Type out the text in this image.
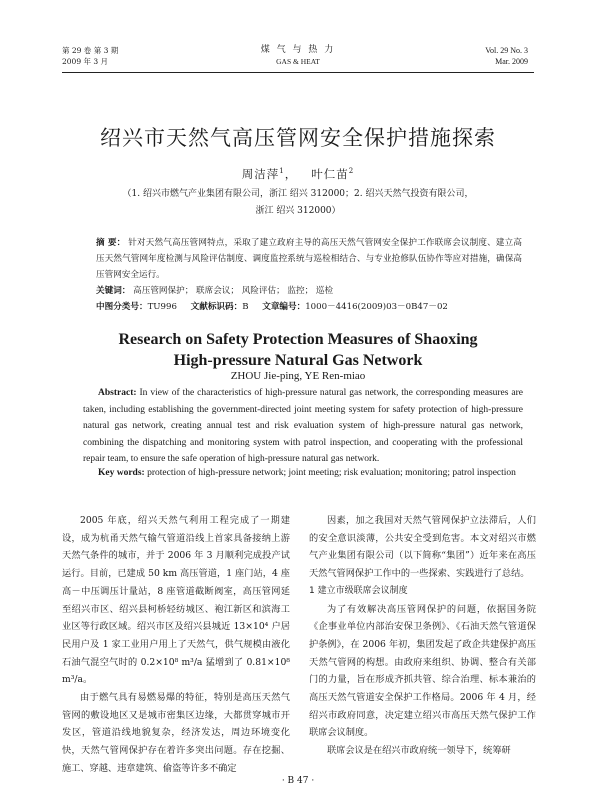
第 29 卷 第 3 期
2009 年 3 月
煤 气 与 热 力
GAS & HEAT
Vol. 29 No. 3
Mar. 2009
绍兴市天然气高压管网安全保护措施探索
周洁萍$^1$，   叶仁苗$^2$
（1. 绍兴市燃气产业集团有限公司，浙江 绍兴 312000；2. 绍兴天然气投资有限公司，
浙江 绍兴 312000）
摘 要： 针对天然气高压管网特点，采取了建立政府主导的高压天然气管网安全保护工作联席会议制度、建立高压天然气管网年度检测与风险评估制度、调度监控系统与巡检相结合、与专业抢修队伍协作等应对措施，确保高压管网安全运行。
关键词： 高压管网保护； 联席会议； 风险评估； 监控； 巡检
中图分类号：TU996 文献标识码：B 文章编号：1000－4416(2009)03－0B47－02
Research on Safety Protection Measures of Shaoxing
High-pressure Natural Gas Network
ZHOU Jie-ping, YE Ren-miao
Abstract: In view of the characteristics of high-pressure natural gas network, the corresponding measures are taken, including establishing the government-directed joint meeting system for safety protection of high-pressure natural gas network, creating annual test and risk evaluation system of high-pressure natural gas network, combining the dispatching and monitoring system with patrol inspection, and cooperating with the professional repair team, to ensure the safe operation of high-pressure natural gas network.
Key words: protection of high-pressure network; joint meeting; risk evaluation; monitoring; patrol inspection

2005 年底，绍兴天然气利用工程完成了一期建设，成为杭甬天然气输气管道沿线上首家具备接纳上游天然气条件的城市，并于 2006 年 3 月顺利完成投产试运行。目前，已建成 50 km 高压管道，1 座门站，4 座高－中压调压计量站，8 座管道截断阀室，高压管网延至绍兴市区、绍兴县柯桥轻纺城区、袍江新区和滨海工业区等行政区域。绍兴市区及绍兴县城近 13×10⁴ 户居民用户及 1 家工业用户用上了天然气，供气规模由液化石油气混空气时的 0.2×10⁸ m³/a 猛增到了 0.81×10⁸ m³/a。

由于燃气具有易燃易爆的特征，特别是高压天然气管网的敷设地区又是城市密集区边缘，大都贯穿城市开发区，管道沿线地貌复杂，经济发达，周边环境变化快，天然气管网保护存在着许多突出问题。存在挖掘、施工、穿越、违章建筑、偷盗等许多不确定

因素，加之我国对天然气管网保护立法滞后，人们的安全意识淡薄，公共安全受到危害。本文对绍兴市燃气产业集团有限公司（以下简称“集团”）近年来在高压天然气管网保护工作中的一些探索、实践进行了总结。

1 建立市级联席会议制度

为了有效解决高压管网保护的问题，依据国务院《企事业单位内部治安保卫条例》、《石油天然气管道保护条例》，在 2006 年初，集团发起了政企共建保护高压天然气管网的构想。由政府来组织、协调、整合有关部门的力量，旨在形成齐抓共管、综合治理、标本兼治的高压天然气管道安全保护工作格局。2006 年 4 月，经绍兴市政府同意，决定建立绍兴市高压天然气保护工作联席会议制度。

联席会议是在绍兴市政府统一领导下，统筹研

· B 47 ·
